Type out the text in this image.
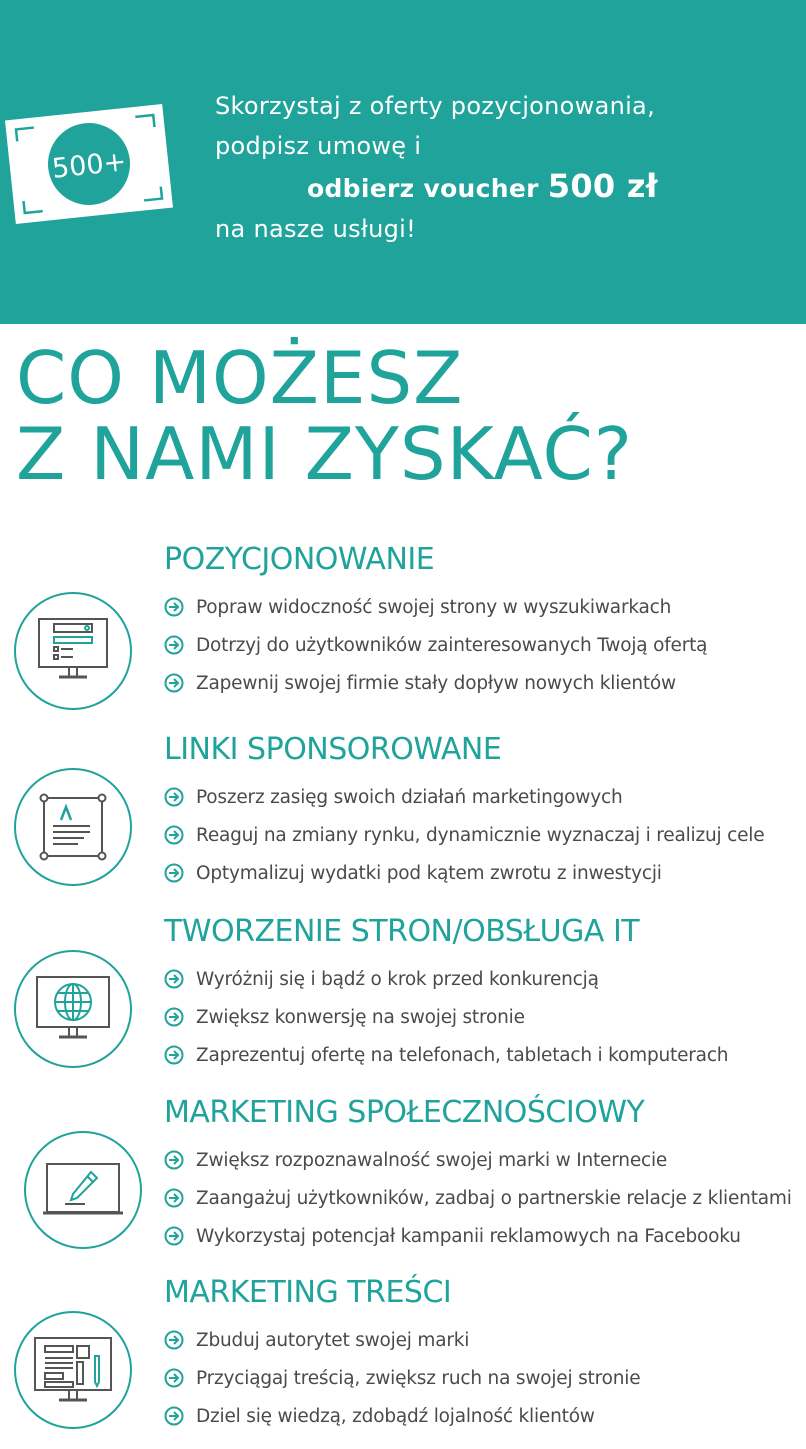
500+
Skorzystaj z oferty pozycjonowania,
podpisz umowę i
odbierz voucher 500 zł
na nasze usługi!
CO MOŻESZ
Z NAMI ZYSKAĆ?
POZYCJONOWANIE
Popraw widoczność swojej strony w wyszukiwarkach
Dotrzyj do użytkowników zainteresowanych Twoją ofertą
Zapewnij swojej firmie stały dopływ nowych klientów
LINKI SPONSOROWANE
Poszerz zasięg swoich działań marketingowych
Reaguj na zmiany rynku, dynamicznie wyznaczaj i realizuj cele
Optymalizuj wydatki pod kątem zwrotu z inwestycji
TWORZENIE STRON/OBSŁUGA IT
Wyróżnij się i bądź o krok przed konkurencją
Zwiększ konwersję na swojej stronie
Zaprezentuj ofertę na telefonach, tabletach i komputerach
MARKETING SPOŁECZNOŚCIOWY
Zwiększ rozpoznawalność swojej marki w Internecie
Zaangażuj użytkowników, zadbaj o partnerskie relacje z klientami
Wykorzystaj potencjał kampanii reklamowych na Facebooku
MARKETING TREŚCI
Zbuduj autorytet swojej marki
Przyciągaj treścią, zwiększ ruch na swojej stronie
Dziel się wiedzą, zdobądź lojalność klientów
